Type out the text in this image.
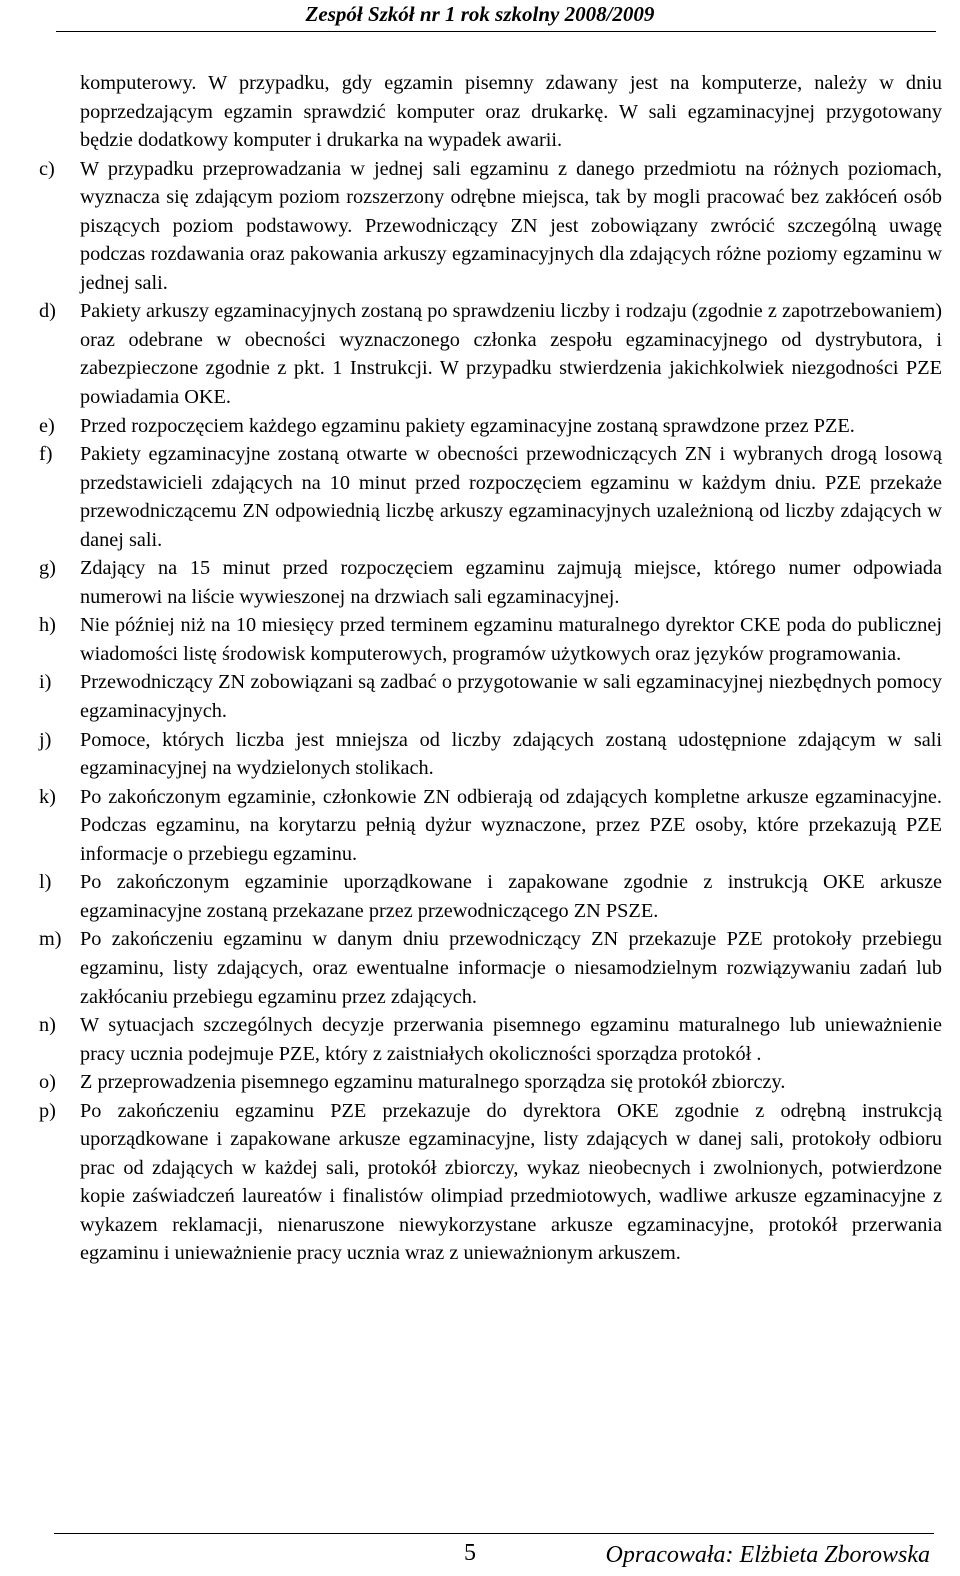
Zespół Szkół nr 1 rok szkolny 2008/2009

komputerowy. W przypadku, gdy egzamin pisemny zdawany jest na komputerze, należy w dniu poprzedzającym egzamin sprawdzić komputer oraz drukarkę. W sali egzaminacyjnej przygotowany będzie dodatkowy komputer i drukarka na wypadek awarii.

c) W przypadku przeprowadzania w jednej sali egzaminu z danego przedmiotu na różnych poziomach, wyznacza się zdającym poziom rozszerzony odrębne miejsca, tak by mogli pracować bez zakłóceń osób piszących poziom podstawowy. Przewodniczący ZN jest zobowiązany zwrócić szczególną uwagę podczas rozdawania oraz pakowania arkuszy egzaminacyjnych dla zdających różne poziomy egzaminu w jednej sali.
d) Pakiety arkuszy egzaminacyjnych zostaną po sprawdzeniu liczby i rodzaju (zgodnie z zapotrzebowaniem) oraz odebrane w obecności wyznaczonego członka zespołu egzaminacyjnego od dystrybutora, i zabezpieczone zgodnie z pkt. 1 Instrukcji. W przypadku stwierdzenia jakichkolwiek niezgodności PZE powiadamia OKE.
e) Przed rozpoczęciem każdego egzaminu pakiety egzaminacyjne zostaną sprawdzone przez PZE.
f) Pakiety egzaminacyjne zostaną otwarte w obecności przewodniczących ZN i wybranych drogą losową przedstawicieli zdających na 10 minut przed rozpoczęciem egzaminu w każdym dniu. PZE przekaże przewodniczącemu ZN odpowiednią liczbę arkuszy egzaminacyjnych uzależnioną od liczby zdających w danej sali.
g) Zdający na 15 minut przed rozpoczęciem egzaminu zajmują miejsce, którego numer odpowiada numerowi na liście wywieszonej na drzwiach sali egzaminacyjnej.
h) Nie później niż na 10 miesięcy przed terminem egzaminu maturalnego dyrektor CKE poda do publicznej wiadomości listę środowisk komputerowych, programów użytkowych oraz języków programowania.
i) Przewodniczący ZN zobowiązani są zadbać o przygotowanie w sali egzaminacyjnej niezbędnych pomocy egzaminacyjnych.
j) Pomoce, których liczba jest mniejsza od liczby zdających zostaną udostępnione zdającym w sali egzaminacyjnej na wydzielonych stolikach.
k) Po zakończonym egzaminie, członkowie ZN odbierają od zdających kompletne arkusze egzaminacyjne. Podczas egzaminu, na korytarzu pełnią dyżur wyznaczone, przez PZE osoby, które przekazują PZE informacje o przebiegu egzaminu.
l) Po zakończonym egzaminie uporządkowane i zapakowane zgodnie z instrukcją OKE arkusze egzaminacyjne zostaną przekazane przez przewodniczącego ZN PSZE.
m) Po zakończeniu egzaminu w danym dniu przewodniczący ZN przekazuje PZE protokoły przebiegu egzaminu, listy zdających, oraz ewentualne informacje o niesamodzielnym rozwiązywaniu zadań lub zakłócaniu przebiegu egzaminu przez zdających.
n) W sytuacjach szczególnych decyzje przerwania pisemnego egzaminu maturalnego lub unieważnienie pracy ucznia podejmuje PZE, który z zaistniałych okoliczności sporządza protokół .
o) Z przeprowadzenia pisemnego egzaminu maturalnego sporządza się protokół zbiorczy.
p) Po zakończeniu egzaminu PZE przekazuje do dyrektora OKE zgodnie z odrębną instrukcją uporządkowane i zapakowane arkusze egzaminacyjne, listy zdających w danej sali, protokoły odbioru prac od zdających w każdej sali, protokół zbiorczy, wykaz nieobecnych i zwolnionych, potwierdzone kopie zaświadczeń laureatów i finalistów olimpiad przedmiotowych, wadliwe arkusze egzaminacyjne z wykazem reklamacji, nienaruszone niewykorzystane arkusze egzaminacyjne, protokół przerwania egzaminu i unieważnienie pracy ucznia wraz z unieważnionym arkuszem.
5	Opracowała: Elżbieta Zborowska
